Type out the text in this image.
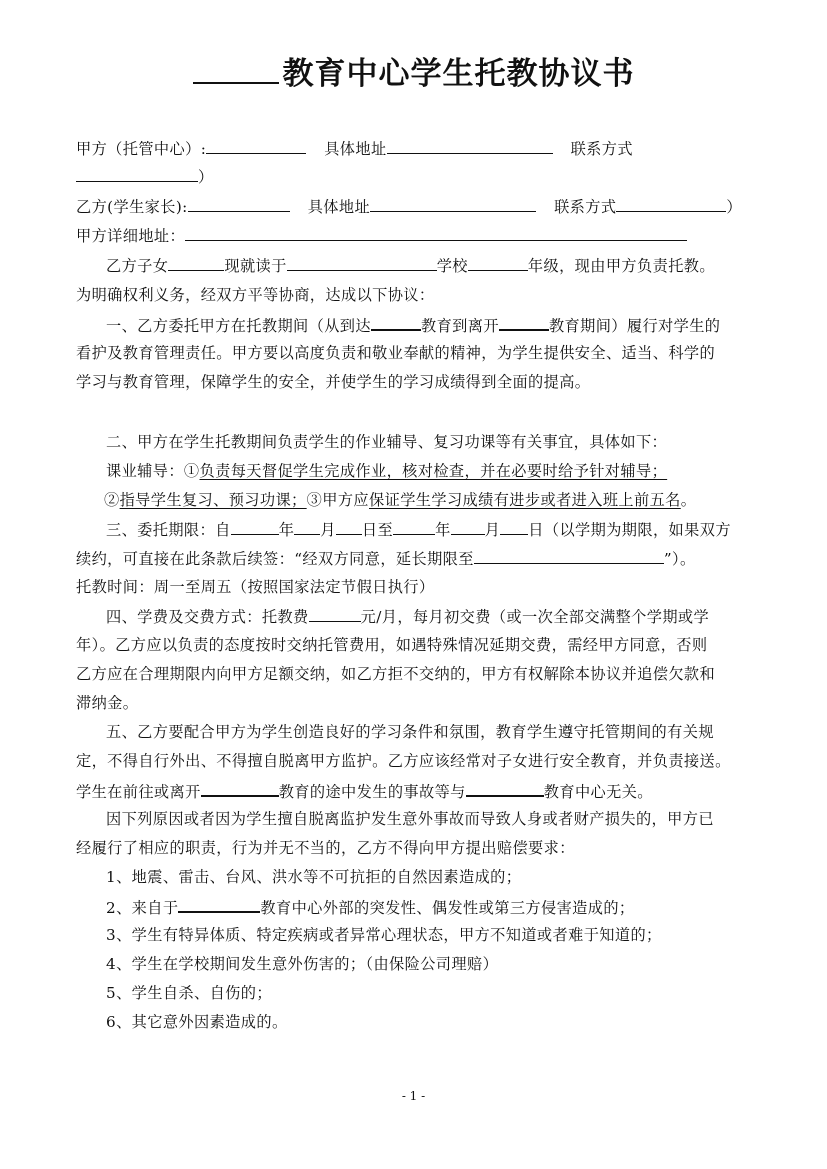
教育中心学生托教协议书
甲方（托管中心）:	具体地址	联系方式
）
乙方(学生家长):	具体地址	联系方式	）
甲方详细地址：
乙方子女	现就读于	学校	年级，现由甲方负责托教。
为明确权利义务，经双方平等协商，达成以下协议：
一、乙方委托甲方在托教期间（从到达	教育到离开	教育期间）履行对学生的
看护及教育管理责任。甲方要以高度负责和敬业奉献的精神，为学生提供安全、适当、科学的
学习与教育管理，保障学生的安全，并使学生的学习成绩得到全面的提高。
二、甲方在学生托教期间负责学生的作业辅导、复习功课等有关事宜，具体如下：
课业辅导：①负责每天督促学生完成作业，核对检查，并在必要时给予针对辅导；
②指导学生复习、预习功课；③甲方应保证学生学习成绩有进步或者进入班上前五名。
三、委托期限：自	年 月 日至	年 月 日（以学期为期限，如果双方
续约，可直接在此条款后续签：“经双方同意，延长期限至	”）。
托教时间：周一至周五（按照国家法定节假日执行）
四、学费及交费方式：托教费	元/月，每月初交费（或一次全部交满整个学期或学
年）。乙方应以负责的态度按时交纳托管费用，如遇特殊情况延期交费，需经甲方同意，否则
乙方应在合理期限内向甲方足额交纳，如乙方拒不交纳的，甲方有权解除本协议并追偿欠款和
滞纳金。
五、乙方要配合甲方为学生创造良好的学习条件和氛围，教育学生遵守托管期间的有关规
定，不得自行外出、不得擅自脱离甲方监护。乙方应该经常对子女进行安全教育，并负责接送。
学生在前往或离开	教育的途中发生的事故等与	教育中心无关。
因下列原因或者因为学生擅自脱离监护发生意外事故而导致人身或者财产损失的，甲方已
经履行了相应的职责，行为并无不当的，乙方不得向甲方提出赔偿要求：
1、地震、雷击、台风、洪水等不可抗拒的自然因素造成的；
2、来自于	教育中心外部的突发性、偶发性或第三方侵害造成的；
3、学生有特异体质、特定疾病或者异常心理状态，甲方不知道或者难于知道的；
4、学生在学校期间发生意外伤害的；（由保险公司理赔）
5、学生自杀、自伤的；
6、其它意外因素造成的。
- 1 -
